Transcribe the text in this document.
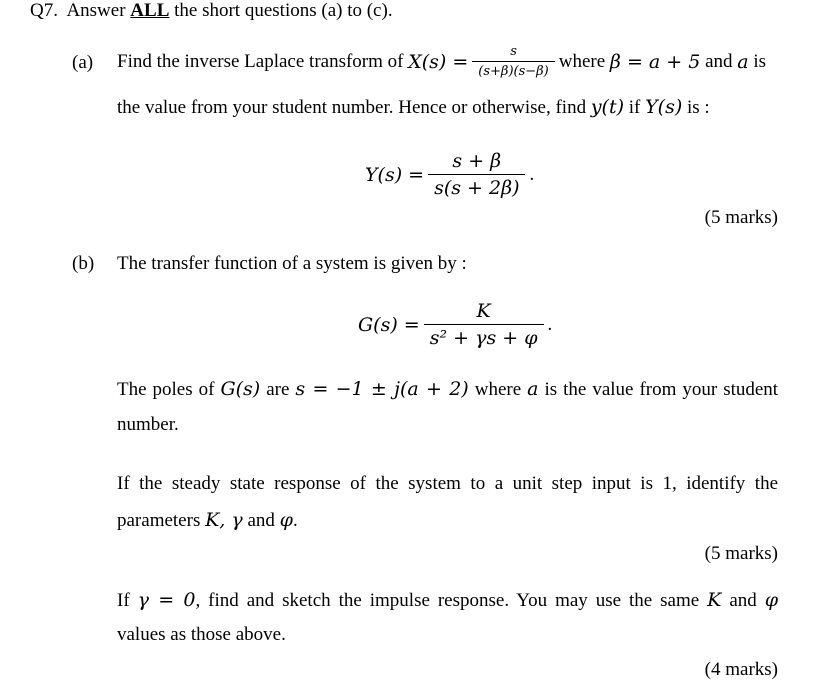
Q7. Answer ALL the short questions (a) to (c).
(a) Find the inverse Laplace transform of
$X(s) = \frac{s}{(s+\beta)(s-\beta)}$ where
β = a + 5
and
a
is
the value from your student number. Hence or otherwise, find y(t) if Y(s) is :
$Y(s) = \frac{s + \beta}{s(s + 2\beta)}$ .
(5 marks)
(b) The transfer function of a system is given by :
$G(s) = \frac{K}{\text{s² + γs + φ}}$ .
The poles of G(s) are s = −1 ± j(a + 2) where a is the value from your student
number.
If the steady state response of the system to a unit step input is 1, identify the
parameters K, γ and φ.
(5 marks)
If γ = 0, find and sketch the impulse response. You may use the same K and φ
values as those above.
(4 marks)
